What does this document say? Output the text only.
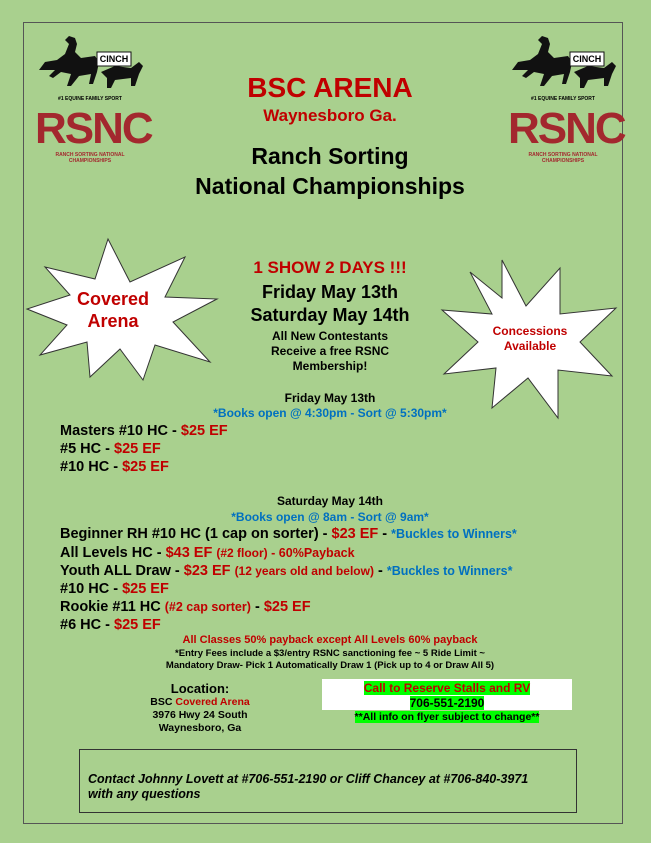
CINCH
#1 EQUINE FAMILY SPORT
RSNC
RANCH SORTING NATIONAL CHAMPIONSHIPS
CINCH
#1 EQUINE FAMILY SPORT
RSNC
RANCH SORTING NATIONAL CHAMPIONSHIPS
BSC ARENA
Waynesboro Ga.
Ranch Sorting
National Championships
Covered
Arena	Concessions
Available
1 SHOW 2 DAYS !!!
Friday May 13th
Saturday May 14th
All New Contestants
Receive a free RSNC
Membership!
Friday May 13th
*Books open @ 4:30pm - Sort @ 5:30pm*
Masters #10 HC - $25 EF
#5 HC - $25 EF
#10 HC - $25 EF
Saturday May 14th
*Books open @ 8am - Sort @ 9am*
Beginner RH #10 HC (1 cap on sorter) - $23 EF - *Buckles to Winners*
All Levels HC - $43 EF (#2 floor) - 60%Payback
Youth ALL Draw - $23 EF (12 years old and below) - *Buckles to Winners*
#10 HC - $25 EF
Rookie #11 HC (#2 cap sorter) - $25 EF
#6 HC - $25 EF
All Classes 50% payback except All Levels 60% payback
*Entry Fees include a $3/entry RSNC sanctioning fee ~ 5 Ride Limit ~
Mandatory Draw- Pick 1 Automatically Draw 1 (Pick up to 4 or Draw All 5)
Location:
BSC Covered Arena
3976 Hwy 24 South
Waynesboro, Ga
Call to Reserve Stalls and RV
706-551-2190
**All info on flyer subject to change**

Contact Johnny Lovett at #706-551-2190 or Cliff Chancey at #706-840-3971
with any questions
